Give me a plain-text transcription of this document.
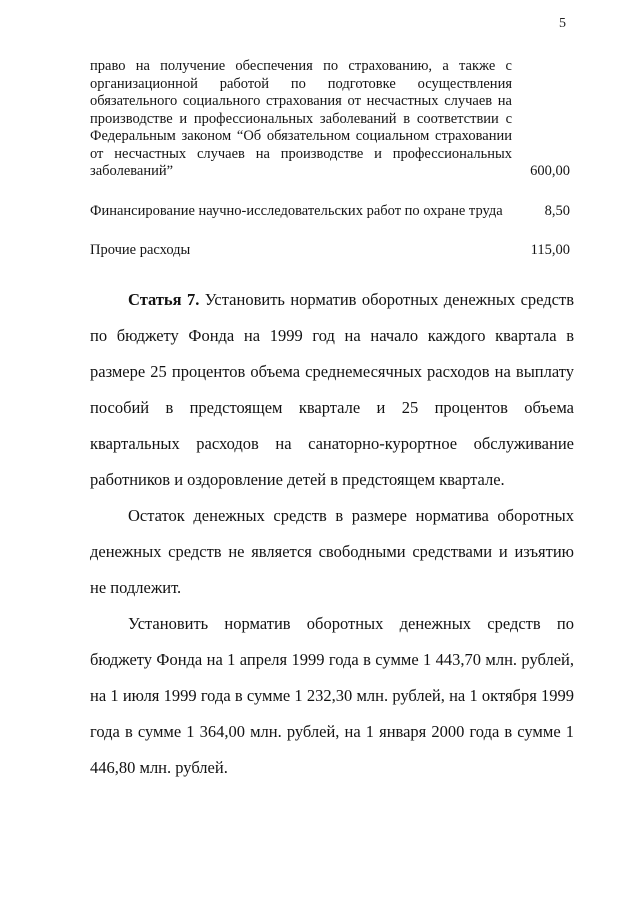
5
право на получение обеспечения по страхованию, а также с организационной работой по подготовке осуществления обязательного социального страхования от несчастных случаев на производстве и профессиональных заболеваний в соответствии с Федеральным законом “Об обязательном социальном страховании от несчастных случаев на производстве и профессиональных заболеваний”	600,00
Финансирование научно-исследовательских работ по охране труда	8,50
Прочие расходы	115,00

Статья 7. Установить норматив оборотных денежных средств по бюджету Фонда на 1999 год на начало каждого квартала в размере 25 процентов объема среднемесячных расходов на выплату пособий в предстоящем квартале и 25 процентов объема квартальных расходов на санаторно-курортное обслуживание работников и оздоровление детей в предстоящем квартале.

Остаток денежных средств в размере норматива оборотных денежных средств не является свободными средствами и изъятию не подлежит.

Установить норматив оборотных денежных средств по бюджету Фонда на 1 апреля 1999 года в сумме 1 443,70 млн. рублей, на 1 июля 1999 года в сумме 1 232,30 млн. рублей, на 1 октября 1999 года в сумме 1 364,00 млн. рублей, на 1 января 2000 года в сумме 1 446,80 млн. рублей.
